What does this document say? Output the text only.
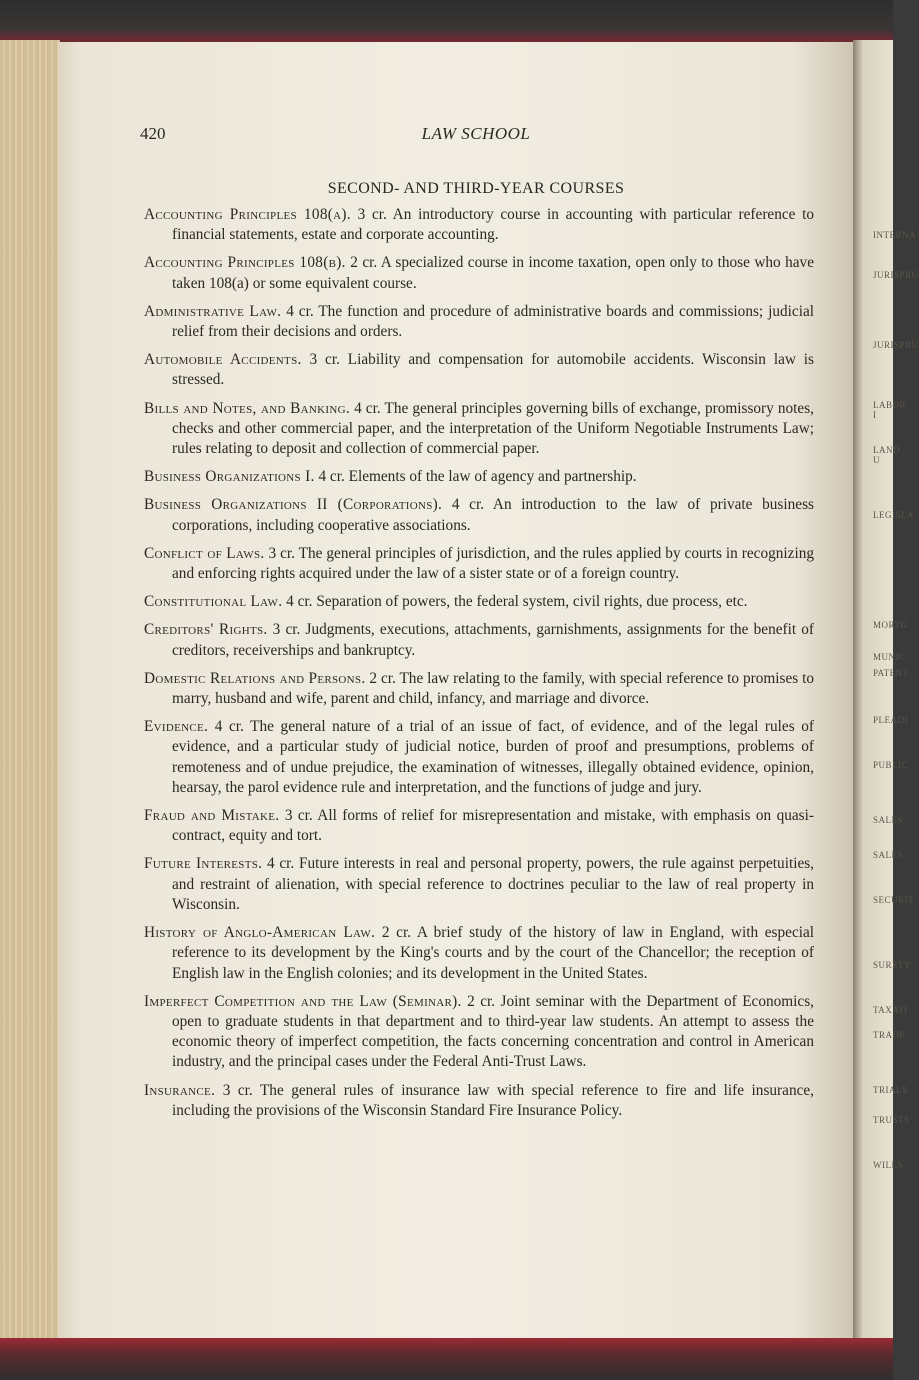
INTERNA
JURISPRU
JURISPRU
LABOR I
LAND U
LEGISLA
MORTG
MUNIC
PATENT
PLEADI
PUBLIC
SALES
SALES
SECURIT
SURETY
TAXATI
TRADE
TRIALS
TRUSTS
WILLS
420	LAW SCHOOL
SECOND- AND THIRD-YEAR COURSES

Accounting Principles 108(a). 3 cr. An introductory course in accounting with particular reference to financial statements, estate and corporate accounting.

Accounting Principles 108(b). 2 cr. A specialized course in income taxation, open only to those who have taken 108(a) or some equivalent course.

Administrative Law. 4 cr. The function and procedure of administrative boards and commissions; judicial relief from their decisions and orders.

Automobile Accidents. 3 cr. Liability and compensation for automobile accidents. Wisconsin law is stressed.

Bills and Notes, and Banking. 4 cr. The general principles governing bills of exchange, promissory notes, checks and other commercial paper, and the interpretation of the Uniform Negotiable Instruments Law; rules relating to deposit and collection of commercial paper.

Business Organizations I. 4 cr. Elements of the law of agency and partnership.

Business Organizations II (Corporations). 4 cr. An introduction to the law of private business corporations, including cooperative associations.

Conflict of Laws. 3 cr. The general principles of jurisdiction, and the rules applied by courts in recognizing and enforcing rights acquired under the law of a sister state or of a foreign country.

Constitutional Law. 4 cr. Separation of powers, the federal system, civil rights, due process, etc.

Creditors' Rights. 3 cr. Judgments, executions, attachments, garnishments, assignments for the benefit of creditors, receiverships and bankruptcy.

Domestic Relations and Persons. 2 cr. The law relating to the family, with special reference to promises to marry, husband and wife, parent and child, infancy, and marriage and divorce.

Evidence. 4 cr. The general nature of a trial of an issue of fact, of evidence, and of the legal rules of evidence, and a particular study of judicial notice, burden of proof and presumptions, problems of remoteness and of undue prejudice, the examination of witnesses, illegally obtained evidence, opinion, hearsay, the parol evidence rule and interpretation, and the functions of judge and jury.

Fraud and Mistake. 3 cr. All forms of relief for misrepresentation and mistake, with emphasis on quasi-contract, equity and tort.

Future Interests. 4 cr. Future interests in real and personal property, powers, the rule against perpetuities, and restraint of alienation, with special reference to doctrines peculiar to the law of real property in Wisconsin.

History of Anglo-American Law. 2 cr. A brief study of the history of law in England, with especial reference to its development by the King's courts and by the court of the Chancellor; the reception of English law in the English colonies; and its development in the United States.

Imperfect Competition and the Law (Seminar). 2 cr. Joint seminar with the Department of Economics, open to graduate students in that department and to third-year law students. An attempt to assess the economic theory of imperfect competition, the facts concerning concentration and control in American industry, and the principal cases under the Federal Anti-Trust Laws.

Insurance. 3 cr. The general rules of insurance law with special reference to fire and life insurance, including the provisions of the Wisconsin Standard Fire Insurance Policy.
